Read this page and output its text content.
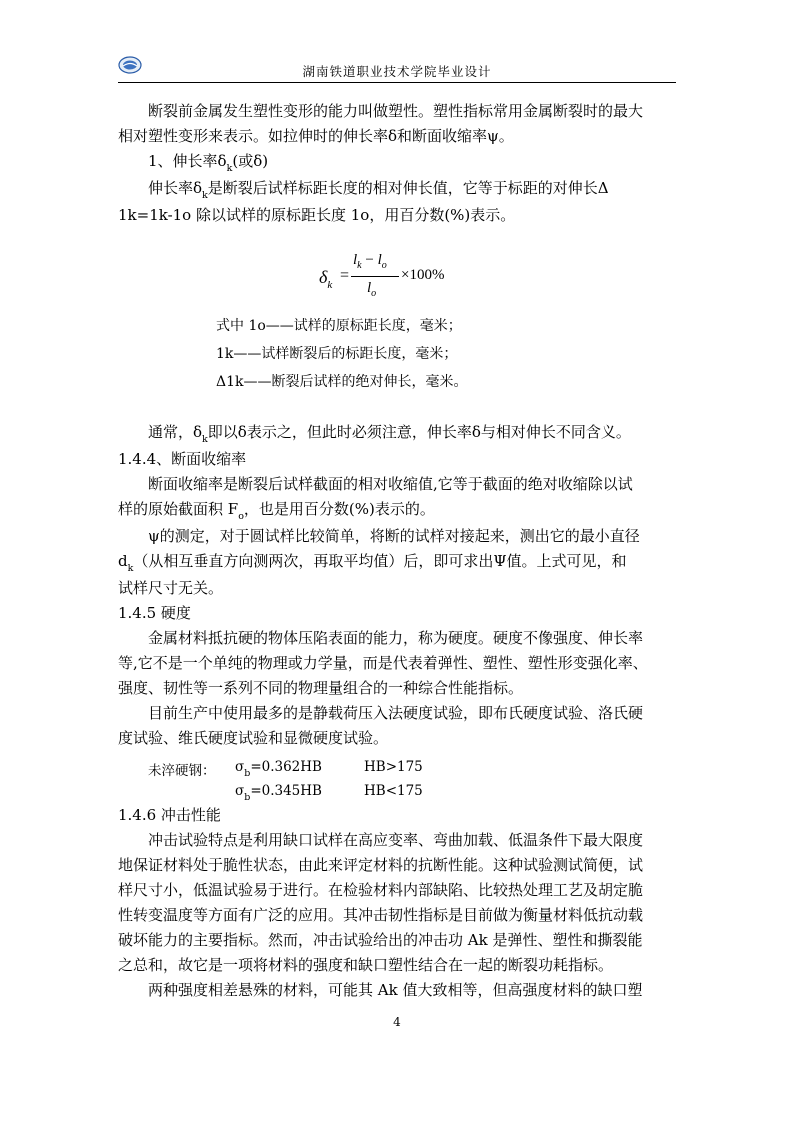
湖南铁道职业技术学院毕业设计

断裂前金属发生塑性变形的能力叫做塑性。塑性指标常用金属断裂时的最大

相对塑性变形来表示。如拉伸时的伸长率δ和断面收缩率ψ。

1、伸长率$\delta_k$(或δ)

伸长率$\delta_k$是断裂后试样标距长度的相对伸长值，它等于标距的对伸长Δ

1k=1k-1o 除以试样的原标距长度 1o，用百分数(%)表示。

$\delta_k$
=
$l_k - l_o$
$l_o$
×100%
式中 1o——试样的原标距长度，毫米；
1k——试样断裂后的标距长度，毫米；
Δ1k——断裂后试样的绝对伸长，毫米。

通常，$\delta_k$即以δ表示之，但此时必须注意，伸长率δ与相对伸长不同含义。

1.4.4、断面收缩率

断面收缩率是断裂后试样截面的相对收缩值,它等于截面的绝对收缩除以试

样的原始截面积 $F_o$，也是用百分数(%)表示的。

ψ的测定，对于圆试样比较简单，将断的试样对接起来，测出它的最小直径

$d_k$（从相互垂直方向测两次，再取平均值）后，即可求出Ψ值。上式可见，和

试样尺寸无关。

1.4.5 硬度

金属材料抵抗硬的物体压陷表面的能力，称为硬度。硬度不像强度、伸长率

等,它不是一个单纯的物理或力学量，而是代表着弹性、塑性、塑性形变强化率、

强度、韧性等一系列不同的物理量组合的一种综合性能指标。

目前生产中使用最多的是静载荷压入法硬度试验，即布氏硬度试验、洛氏硬

度试验、维氏硬度试验和显微硬度试验。

未淬硬钢： $\sigma_b=0.362HB$	HB>175
$\sigma_b=0.345HB$	HB<175

1.4.6 冲击性能

冲击试验特点是利用缺口试样在高应变率、弯曲加载、低温条件下最大限度

地保证材料处于脆性状态，由此来评定材料的抗断性能。这种试验测试简便，试

样尺寸小，低温试验易于进行。在检验材料内部缺陷、比较热处理工艺及胡定脆

性转变温度等方面有广泛的应用。其冲击韧性指标是目前做为衡量材料低抗动载

破坏能力的主要指标。然而，冲击试验给出的冲击功 Ak 是弹性、塑性和撕裂能

之总和，故它是一项将材料的强度和缺口塑性结合在一起的断裂功耗指标。

两种强度相差悬殊的材料，可能其 Ak 值大致相等，但高强度材料的缺口塑

4
